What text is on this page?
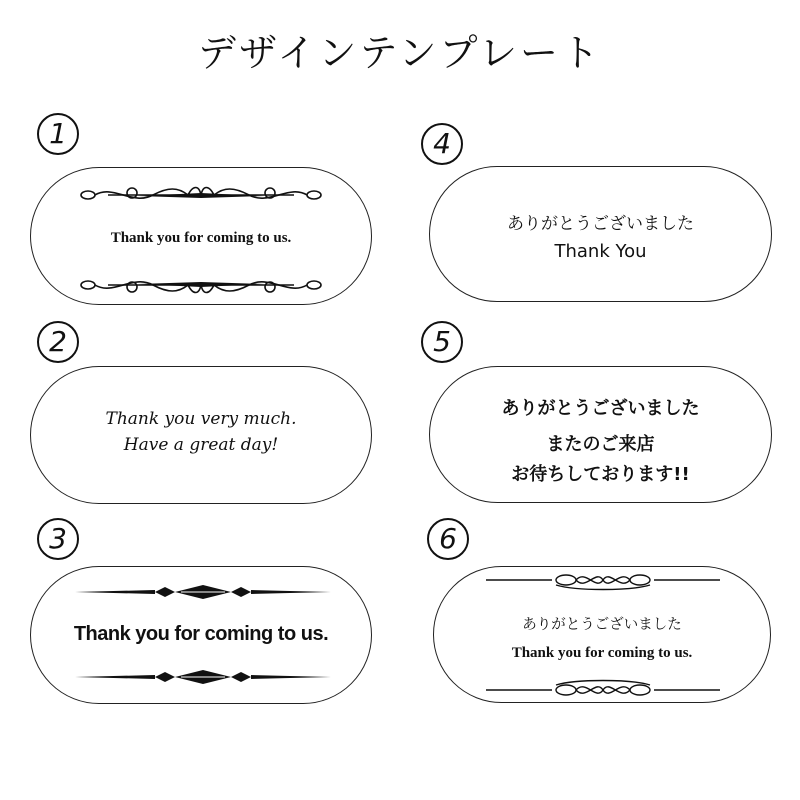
デザインテンプレート
1
Thank you for coming to us.
2
Thank you very much.
Have a great day!
3
Thank you for coming to us.
4
ありがとうございました
Thank You
5
ありがとうございました
またのご来店
お待ちしております!!
6
ありがとうございました
Thank you for coming to us.
